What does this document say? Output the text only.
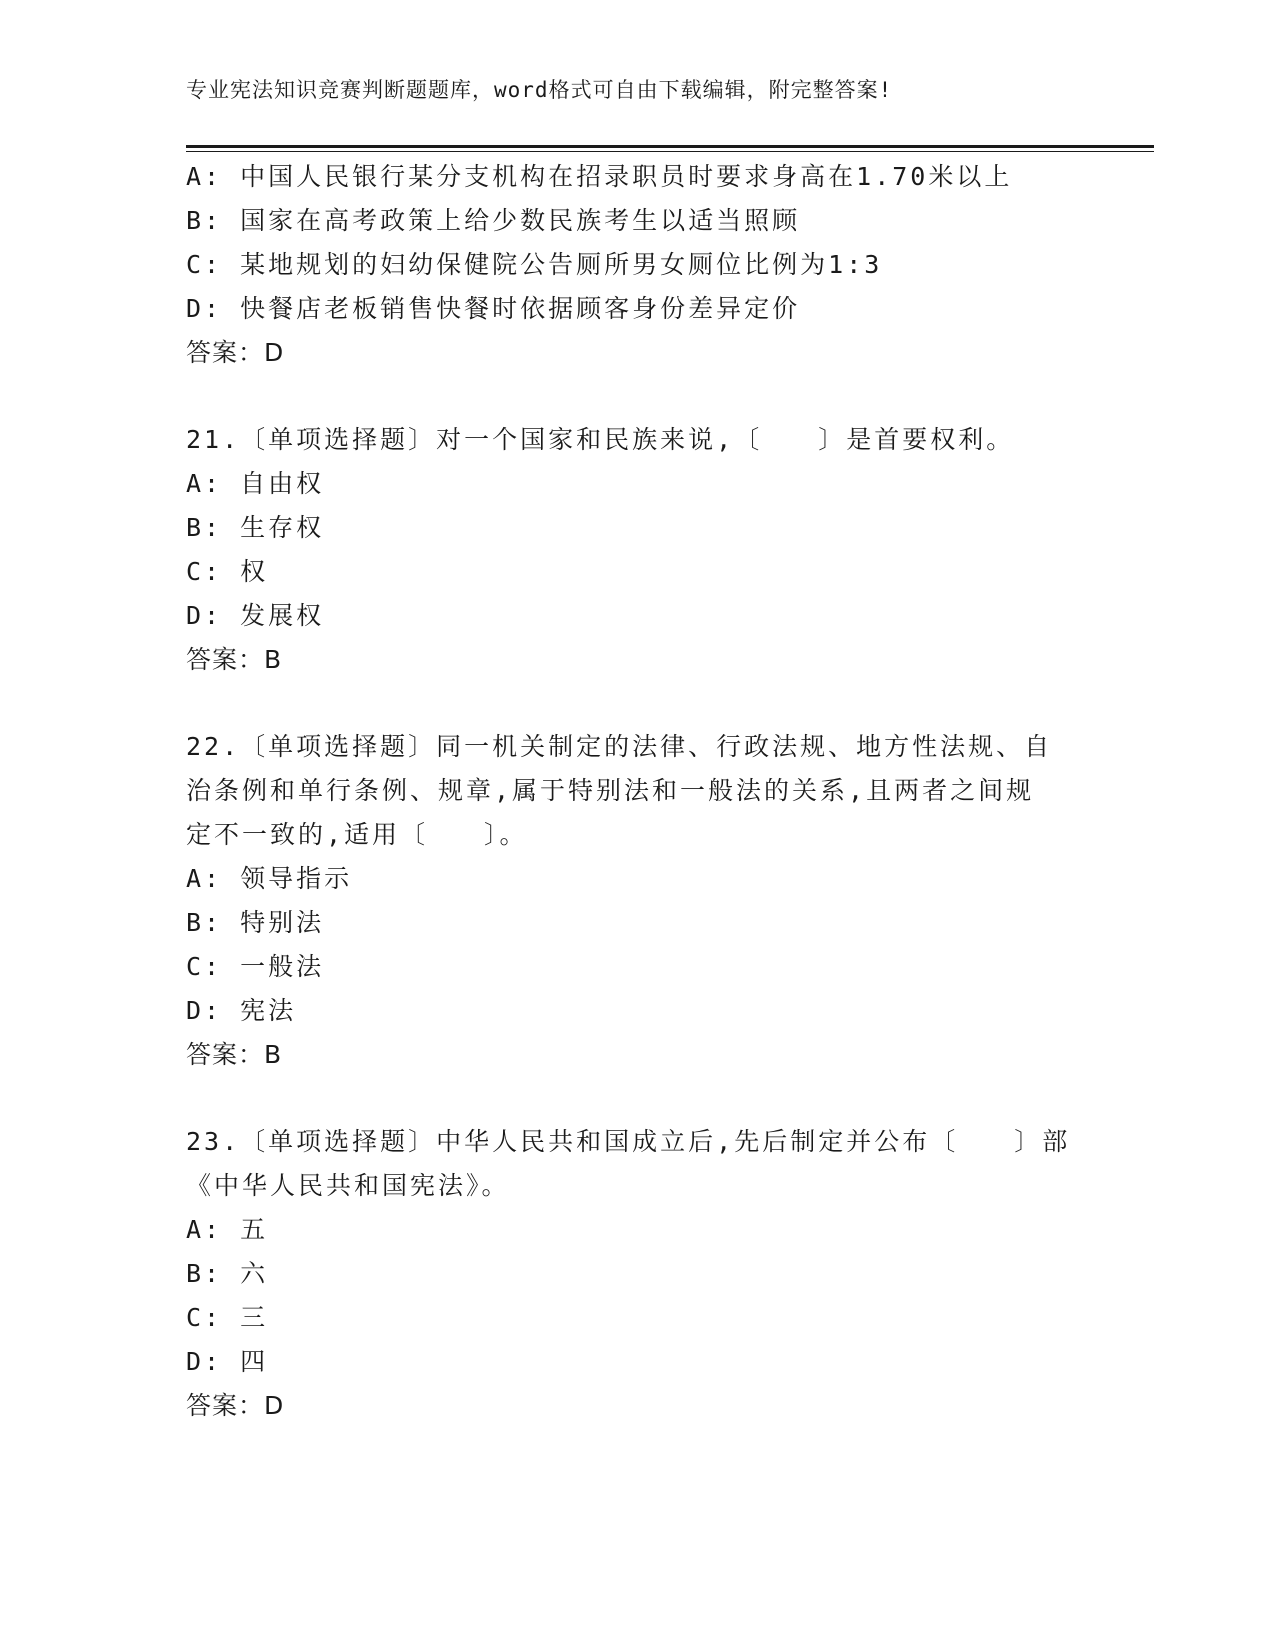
专业宪法知识竞赛判断题题库，word格式可自由下载编辑，附完整答案!
A: 中国人民银行某分支机构在招录职员时要求身高在1.70米以上
B: 国家在高考政策上给少数民族考生以适当照顾
C: 某地规划的妇幼保健院公告厕所男女厕位比例为1:3
D: 快餐店老板销售快餐时依据顾客身份差异定价
答案：D
21.〔单项选择题〕对一个国家和民族来说,〔　　〕是首要权利。
A: 自由权
B: 生存权
C: 权
D: 发展权
答案：B
22.〔单项选择题〕同一机关制定的法律、行政法规、地方性法规、自
治条例和单行条例、规章,属于特别法和一般法的关系,且两者之间规
定不一致的,适用〔　　〕。
A: 领导指示
B: 特别法
C: 一般法
D: 宪法
答案：B
23.〔单项选择题〕中华人民共和国成立后,先后制定并公布〔　　〕部
《中华人民共和国宪法》。
A: 五
B: 六
C: 三
D: 四
答案：D
